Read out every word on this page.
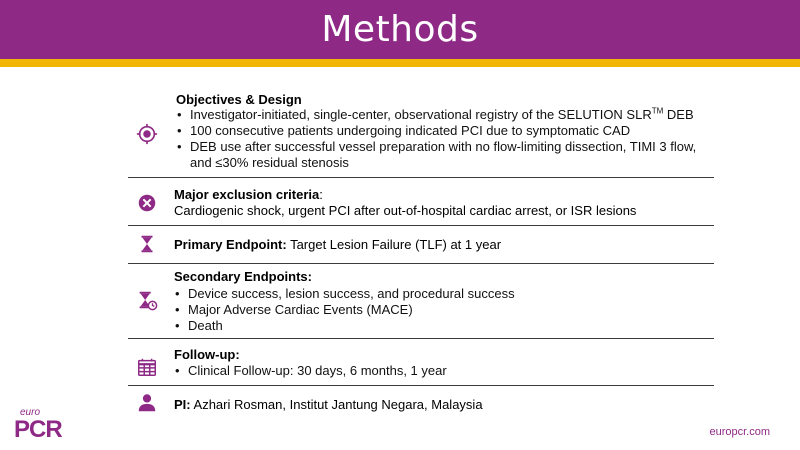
Methods
Objectives & Design
• Investigator-initiated, single-center, observational registry of the SELUTION SLR™ DEB
• 100 consecutive patients undergoing indicated PCI due to symptomatic CAD
• DEB use after successful vessel preparation with no flow-limiting dissection, TIMI 3 flow,
and ≤30% residual stenosis
Major exclusion criteria:
Cardiogenic shock, urgent PCI after out-of-hospital cardiac arrest, or ISR lesions
Primary Endpoint: Target Lesion Failure (TLF) at 1 year
Secondary Endpoints:
• Device success, lesion success, and procedural success
• Major Adverse Cardiac Events (MACE)
• Death
Follow-up:
• Clinical Follow-up: 30 days, 6 months, 1 year
PI: Azhari Rosman, Institut Jantung Negara, Malaysia
euro
PCR	europcr.com
